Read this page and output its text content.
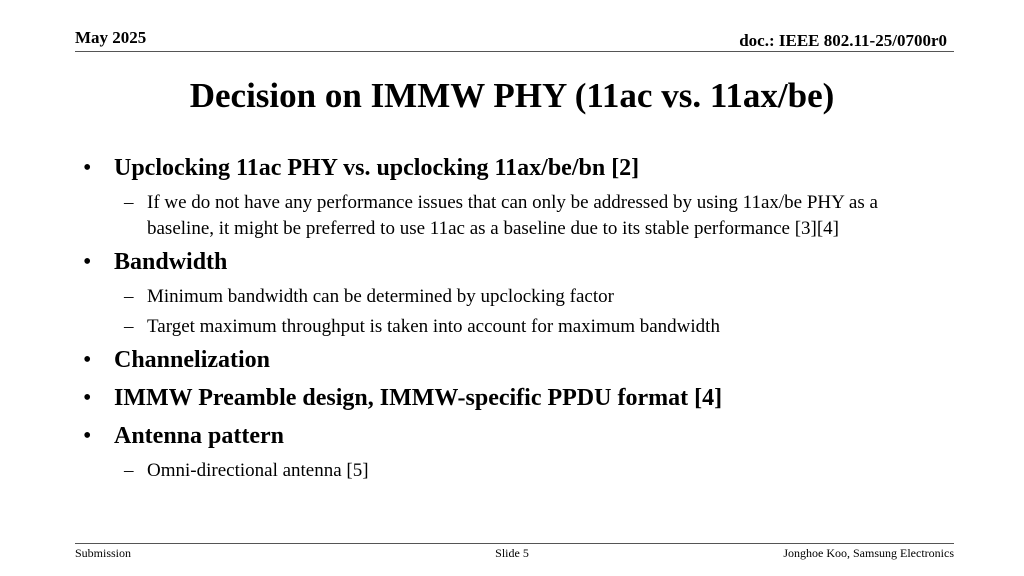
May 2025	doc.: IEEE 802.11-25/0700r0
Decision on IMMW PHY (11ac vs. 11ax/be)
• Upclocking 11ac PHY vs. upclocking 11ax/be/bn [2]
– If we do not have any performance issues that can only be addressed by using 11ax/be PHY as a baseline, it might be preferred to use 11ac as a baseline due to its stable performance [3][4]
• Bandwidth
– Minimum bandwidth can be determined by upclocking factor
– Target maximum throughput is taken into account for maximum bandwidth
• Channelization
• IMMW Preamble design, IMMW-specific PPDU format [4]
• Antenna pattern
– Omni-directional antenna [5]
Submission	Slide 5	Jonghoe Koo, Samsung Electronics
